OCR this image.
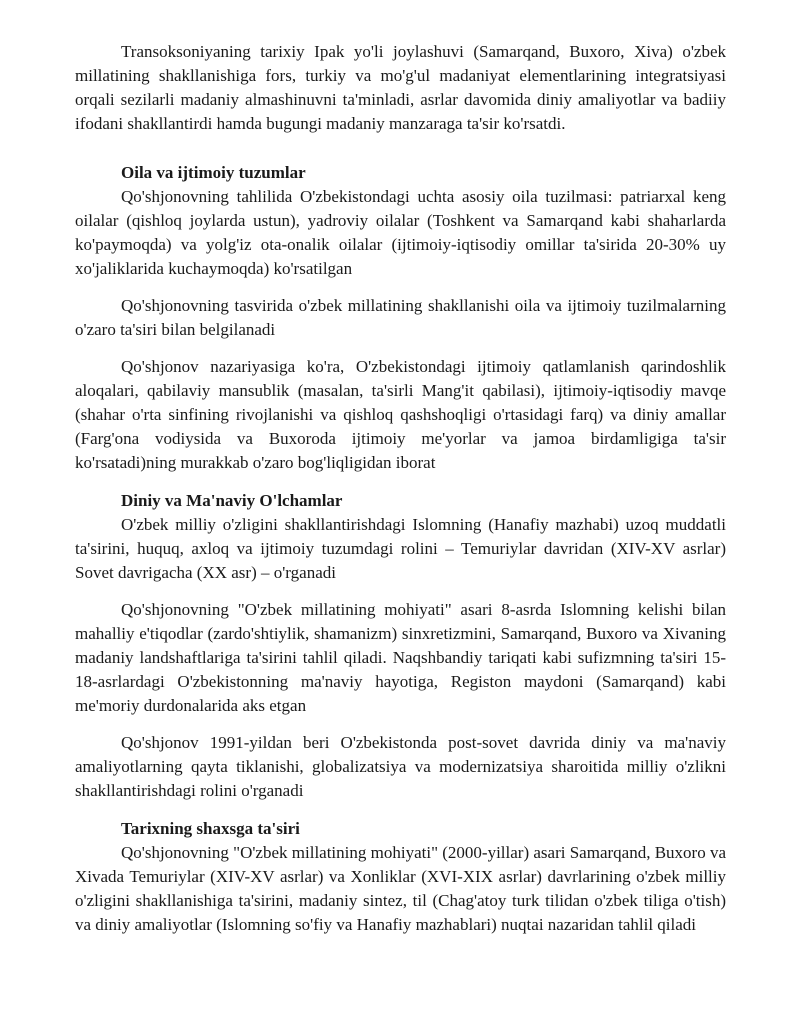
Transoksoniyaning tarixiy Ipak yo'li joylashuvi (Samarqand, Buxoro, Xiva) o'zbek millatining shakllanishiga fors, turkiy va mo'g'ul madaniyat elementlarining integratsiyasi orqali sezilarli madaniy almashinuvni ta'minladi, asrlar davomida diniy amaliyotlar va badiiy ifodani shakllantirdi hamda bugungi madaniy manzaraga ta'sir ko'rsatdi.

Oila va ijtimoiy tuzumlar

Qo'shjonovning tahlilida O'zbekistondagi uchta asosiy oila tuzilmasi: patriarxal keng oilalar (qishloq joylarda ustun), yadroviy oilalar (Toshkent va Samarqand kabi shaharlarda ko'paymoqda) va yolg'iz ota-onalik oilalar (ijtimoiy-iqtisodiy omillar ta'sirida 20-30% uy xo'jaliklarida kuchaymoqda) ko'rsatilgan

Qo'shjonovning tasvirida o'zbek millatining shakllanishi oila va ijtimoiy tuzilmalarning o'zaro ta'siri bilan belgilanadi

Qo'shjonov nazariyasiga ko'ra, O'zbekistondagi ijtimoiy qatlamlanish qarindoshlik aloqalari, qabilaviy mansublik (masalan, ta'sirli Mang'it qabilasi), ijtimoiy-iqtisodiy mavqe (shahar o'rta sinfining rivojlanishi va qishloq qashshoqligi o'rtasidagi farq) va diniy amallar (Farg'ona vodiysida va Buxoroda ijtimoiy me'yorlar va jamoa birdamligiga ta'sir ko'rsatadi)ning murakkab o'zaro bog'liqligidan iborat

Diniy va Ma'naviy O'lchamlar

O'zbek milliy o'zligini shakllantirishdagi Islomning (Hanafiy mazhabi) uzoq muddatli ta'sirini, huquq, axloq va ijtimoiy tuzumdagi rolini – Temuriylar davridan (XIV-XV asrlar) Sovet davrigacha (XX asr) – o'rganadi

Qo'shjonovning "O'zbek millatining mohiyati" asari 8-asrda Islomning kelishi bilan mahalliy e'tiqodlar (zardo'shtiylik, shamanizm) sinxretizmini, Samarqand, Buxoro va Xivaning madaniy landshaftlariga ta'sirini tahlil qiladi. Naqshbandiy tariqati kabi sufizmning ta'siri 15-18-asrlardagi O'zbekistonning ma'naviy hayotiga, Registon maydoni (Samarqand) kabi me'moriy durdonalarida aks etgan

Qo'shjonov 1991-yildan beri O'zbekistonda post-sovet davrida diniy va ma'naviy amaliyotlarning qayta tiklanishi, globalizatsiya va modernizatsiya sharoitida milliy o'zlikni shakllantirishdagi rolini o'rganadi

Tarixning shaxsga ta'siri

Qo'shjonovning "O'zbek millatining mohiyati" (2000-yillar) asari Samarqand, Buxoro va Xivada Temuriylar (XIV-XV asrlar) va Xonliklar (XVI-XIX asrlar) davrlarining o'zbek milliy o'zligini shakllanishiga ta'sirini, madaniy sintez, til (Chag'atoy turk tilidan o'zbek tiliga o'tish) va diniy amaliyotlar (Islomning so'fiy va Hanafiy mazhablari) nuqtai nazaridan tahlil qiladi
